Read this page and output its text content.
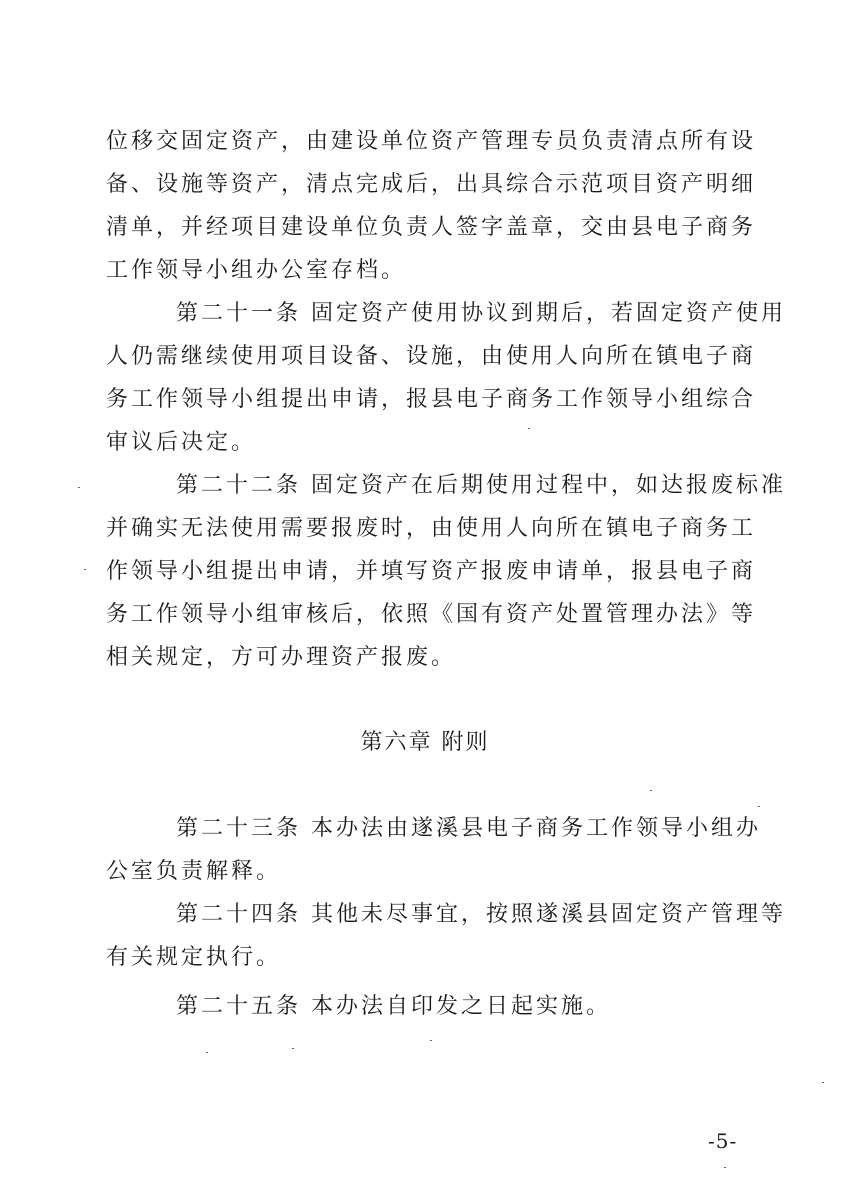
位移交固定资产，由建设单位资产管理专员负责清点所有设
备、设施等资产，清点完成后，出具综合示范项目资产明细
清单，并经项目建设单位负责人签字盖章，交由县电子商务
工作领导小组办公室存档。
第二十一条 固定资产使用协议到期后，若固定资产使用
人仍需继续使用项目设备、设施，由使用人向所在镇电子商
务工作领导小组提出申请，报县电子商务工作领导小组综合
审议后决定。
第二十二条 固定资产在后期使用过程中，如达报废标准
并确实无法使用需要报废时，由使用人向所在镇电子商务工
作领导小组提出申请，并填写资产报废申请单，报县电子商
务工作领导小组审核后，依照《国有资产处置管理办法》等
相关规定，方可办理资产报废。
第六章 附则
第二十三条 本办法由遂溪县电子商务工作领导小组办
公室负责解释。
第二十四条 其他未尽事宜，按照遂溪县固定资产管理等
有关规定执行。
第二十五条 本办法自印发之日起实施。
-5-
